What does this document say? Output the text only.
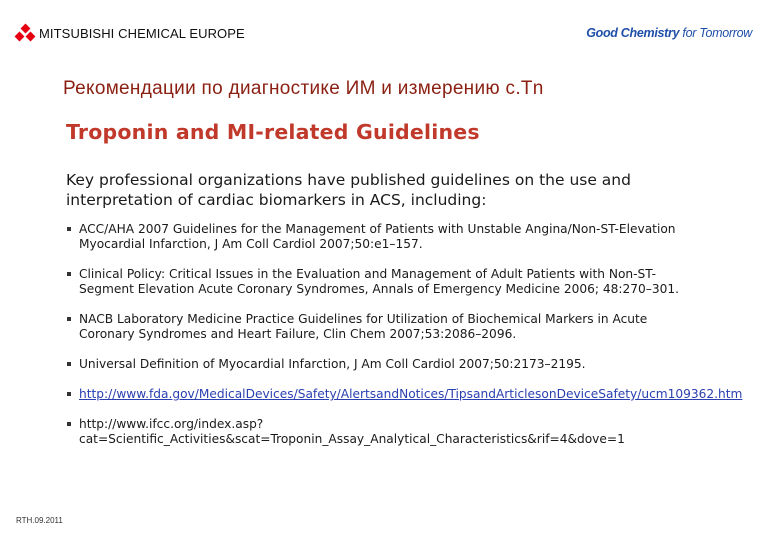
MITSUBISHI CHEMICAL EUROPE	Good Chemistry for Tomorrow
Рекомендации по диагностике ИМ и измерению с.Tn
Troponin and MI-related Guidelines
Key professional organizations have published guidelines on the use and interpretation of cardiac biomarkers in ACS, including:
ACC/AHA 2007 Guidelines for the Management of Patients with Unstable Angina/Non-ST-Elevation Myocardial Infarction, J Am Coll Cardiol 2007;50:e1–157.
Clinical Policy: Critical Issues in the Evaluation and Management of Adult Patients with Non-ST-Segment Elevation Acute Coronary Syndromes, Annals of Emergency Medicine 2006; 48:270–301.
NACB Laboratory Medicine Practice Guidelines for Utilization of Biochemical Markers in Acute Coronary Syndromes and Heart Failure, Clin Chem 2007;53:2086–2096.
Universal Definition of Myocardial Infarction, J Am Coll Cardiol 2007;50:2173–2195.
http://www.fda.gov/MedicalDevices/Safety/AlertsandNotices/TipsandArticlesonDeviceSafety/ucm109362.htm
http://www.ifcc.org/index.asp?cat=Scientific_Activities&scat=Troponin_Assay_Analytical_Characteristics&rif=4&dove=1
RTH.09.2011
